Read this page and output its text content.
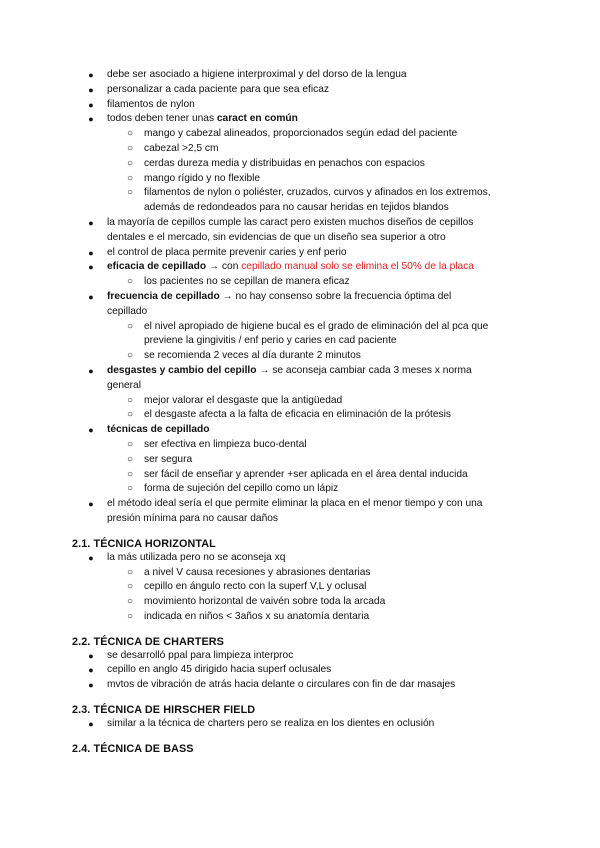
● debe ser asociado a higiene interproximal y del dorso de la lengua
● personalizar a cada paciente para que sea eficaz
● filamentos de nylon
● todos deben tener unas caract en común
○ mango y cabezal alineados, proporcionados según edad del paciente
○ cabezal >2,5 cm
○ cerdas dureza media y distribuidas en penachos con espacios
○ mango rígido y no flexible
○ filamentos de nylon o poliéster, cruzados, curvos y afinados en los extremos,
además de redondeados para no causar heridas en tejidos blandos
● la mayoría de cepillos cumple las caract pero existen muchos diseños de cepillos
dentales e el mercado, sin evidencias de que un diseño sea superior a otro
● el control de placa permite prevenir caries y enf perio
● eficacia de cepillado → con cepillado manual solo se elimina el 50% de la placa
○ los pacientes no se cepillan de manera eficaz
● frecuencia de cepillado → no hay consenso sobre la frecuencia óptima del
cepillado
○ el nivel apropiado de higiene bucal es el grado de eliminación del al pca que
previene la gingivitis / enf perio y caries en cad paciente
○ se recomienda 2 veces al día durante 2 minutos
● desgastes y cambio del cepillo → se aconseja cambiar cada 3 meses x norma
general
○ mejor valorar el desgaste que la antigüedad
○ el desgaste afecta a la falta de eficacia en eliminación de la prótesis
● técnicas de cepillado
○ ser efectiva en limpieza buco-dental
○ ser segura
○ ser fácil de enseñar y aprender +ser aplicada en el área dental inducida
○ forma de sujeción del cepillo como un lápiz
● el método ideal sería el que permite eliminar la placa en el menor tiempo y con una
presión mínima para no causar daños
2.1. TÉCNICA HORIZONTAL
● la más utilizada pero no se aconseja xq
○ a nivel V causa recesiones y abrasiones dentarias
○ cepillo en ángulo recto con la superf V,L y oclusal
○ movimiento horizontal de vaivén sobre toda la arcada
○ indicada en niños < 3años x su anatomía dentaria
2.2. TÉCNICA DE CHARTERS
● se desarrolló ppal para limpieza interproc
● cepillo en anglo 45 dirigido hacia superf oclusales
● mvtos de vibración de atrás hacia delante o circulares con fin de dar masajes
2.3. TÉCNICA DE HIRSCHER FIELD
● similar a la técnica de charters pero se realiza en los dientes en oclusión
2.4. TÉCNICA DE BASS
